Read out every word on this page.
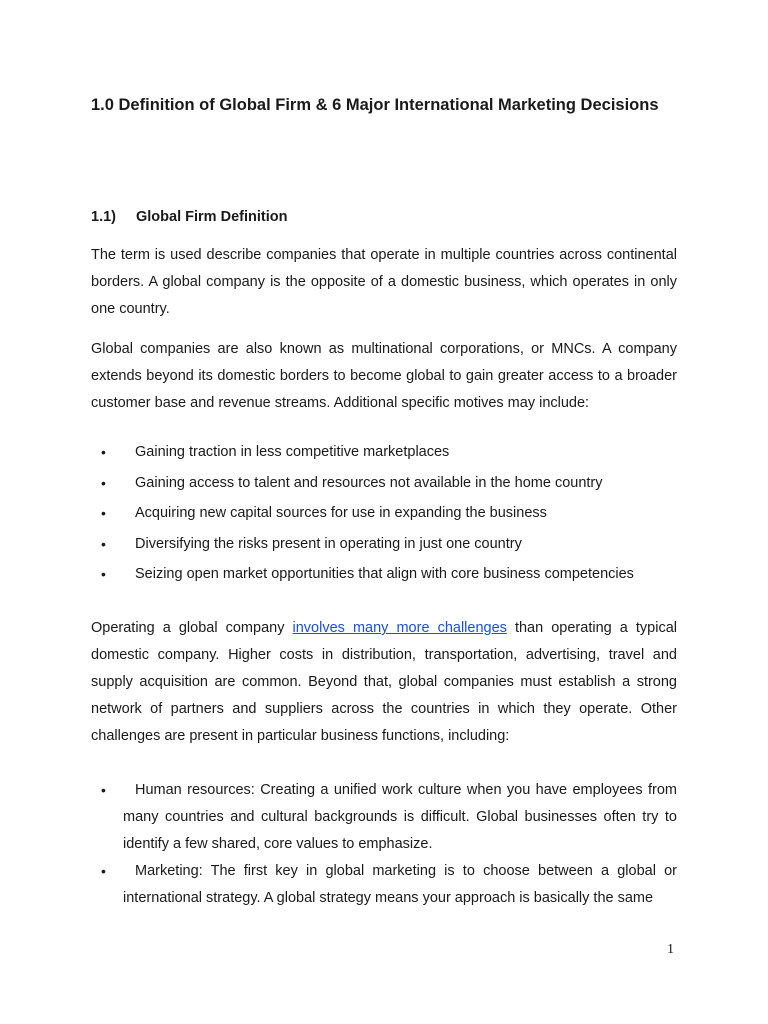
1.0 Definition of Global Firm & 6 Major International Marketing Decisions
1.1) Global Firm Definition

The term is used describe companies that operate in multiple countries across continental borders. A global company is the opposite of a domestic business, which operates in only one country.

Global companies are also known as multinational corporations, or MNCs. A company extends beyond its domestic borders to become global to gain greater access to a broader customer base and revenue streams. Additional specific motives may include:

• Gaining traction in less competitive marketplaces
• Gaining access to talent and resources not available in the home country
• Acquiring new capital sources for use in expanding the business
• Diversifying the risks present in operating in just one country
• Seizing open market opportunities that align with core business competencies

Operating a global company involves many more challenges than operating a typical domestic company. Higher costs in distribution, transportation, advertising, travel and supply acquisition are common. Beyond that, global companies must establish a strong network of partners and suppliers across the countries in which they operate. Other challenges are present in particular business functions, including:

•	Human resources: Creating a unified work culture when you have employees from many countries and cultural backgrounds is difficult. Global businesses often try to identify a few shared, core values to emphasize.
•	Marketing: The first key in global marketing is to choose between a global or international strategy. A global strategy means your approach is basically the same
1
